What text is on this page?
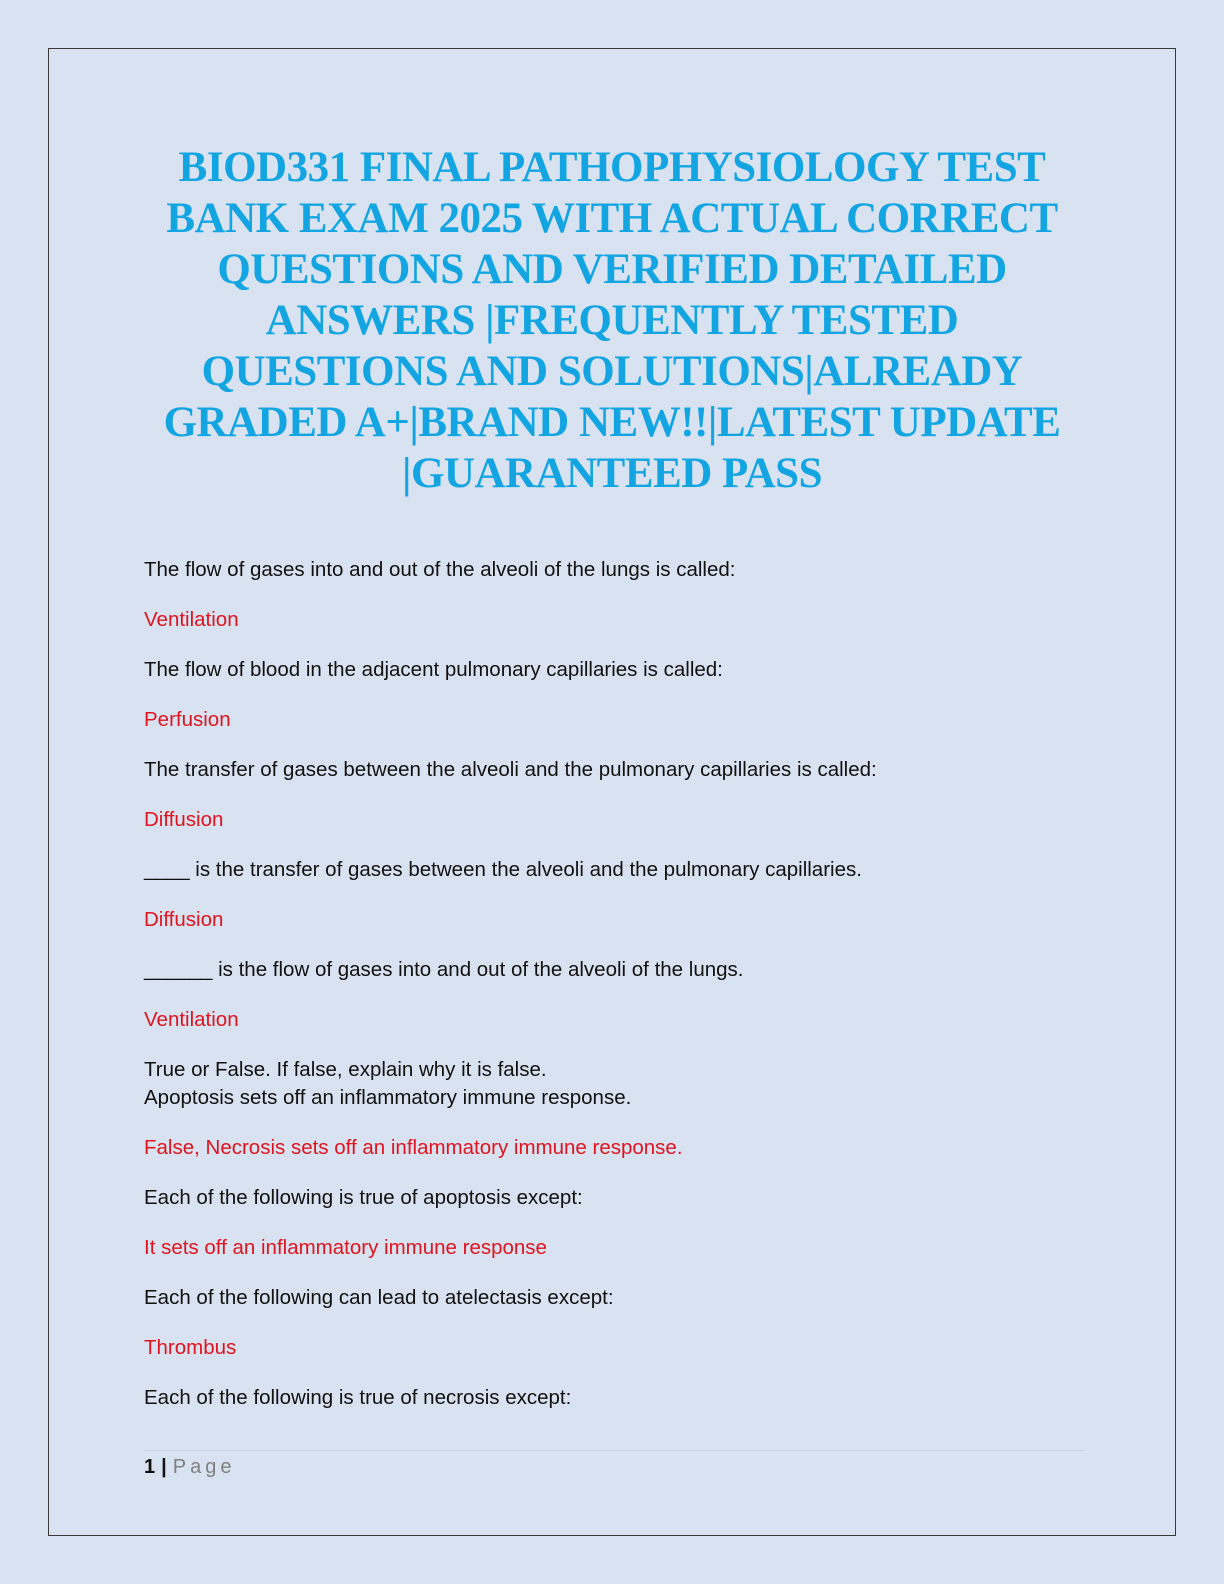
BIOD331 FINAL PATHOPHYSIOLOGY TEST BANK EXAM 2025 WITH ACTUAL CORRECT QUESTIONS AND VERIFIED DETAILED ANSWERS |FREQUENTLY TESTED QUESTIONS AND SOLUTIONS|ALREADY GRADED A+|BRAND NEW!!|LATEST UPDATE |GUARANTEED PASS

The flow of gases into and out of the alveoli of the lungs is called:

Ventilation

The flow of blood in the adjacent pulmonary capillaries is called:

Perfusion

The transfer of gases between the alveoli and the pulmonary capillaries is called:

Diffusion

____ is the transfer of gases between the alveoli and the pulmonary capillaries.

Diffusion

______ is the flow of gases into and out of the alveoli of the lungs.

Ventilation

True or False. If false, explain why it is false.

Apoptosis sets off an inflammatory immune response.

False, Necrosis sets off an inflammatory immune response.

Each of the following is true of apoptosis except:

It sets off an inflammatory immune response

Each of the following can lead to atelectasis except:

Thrombus

Each of the following is true of necrosis except:

1 | Page
